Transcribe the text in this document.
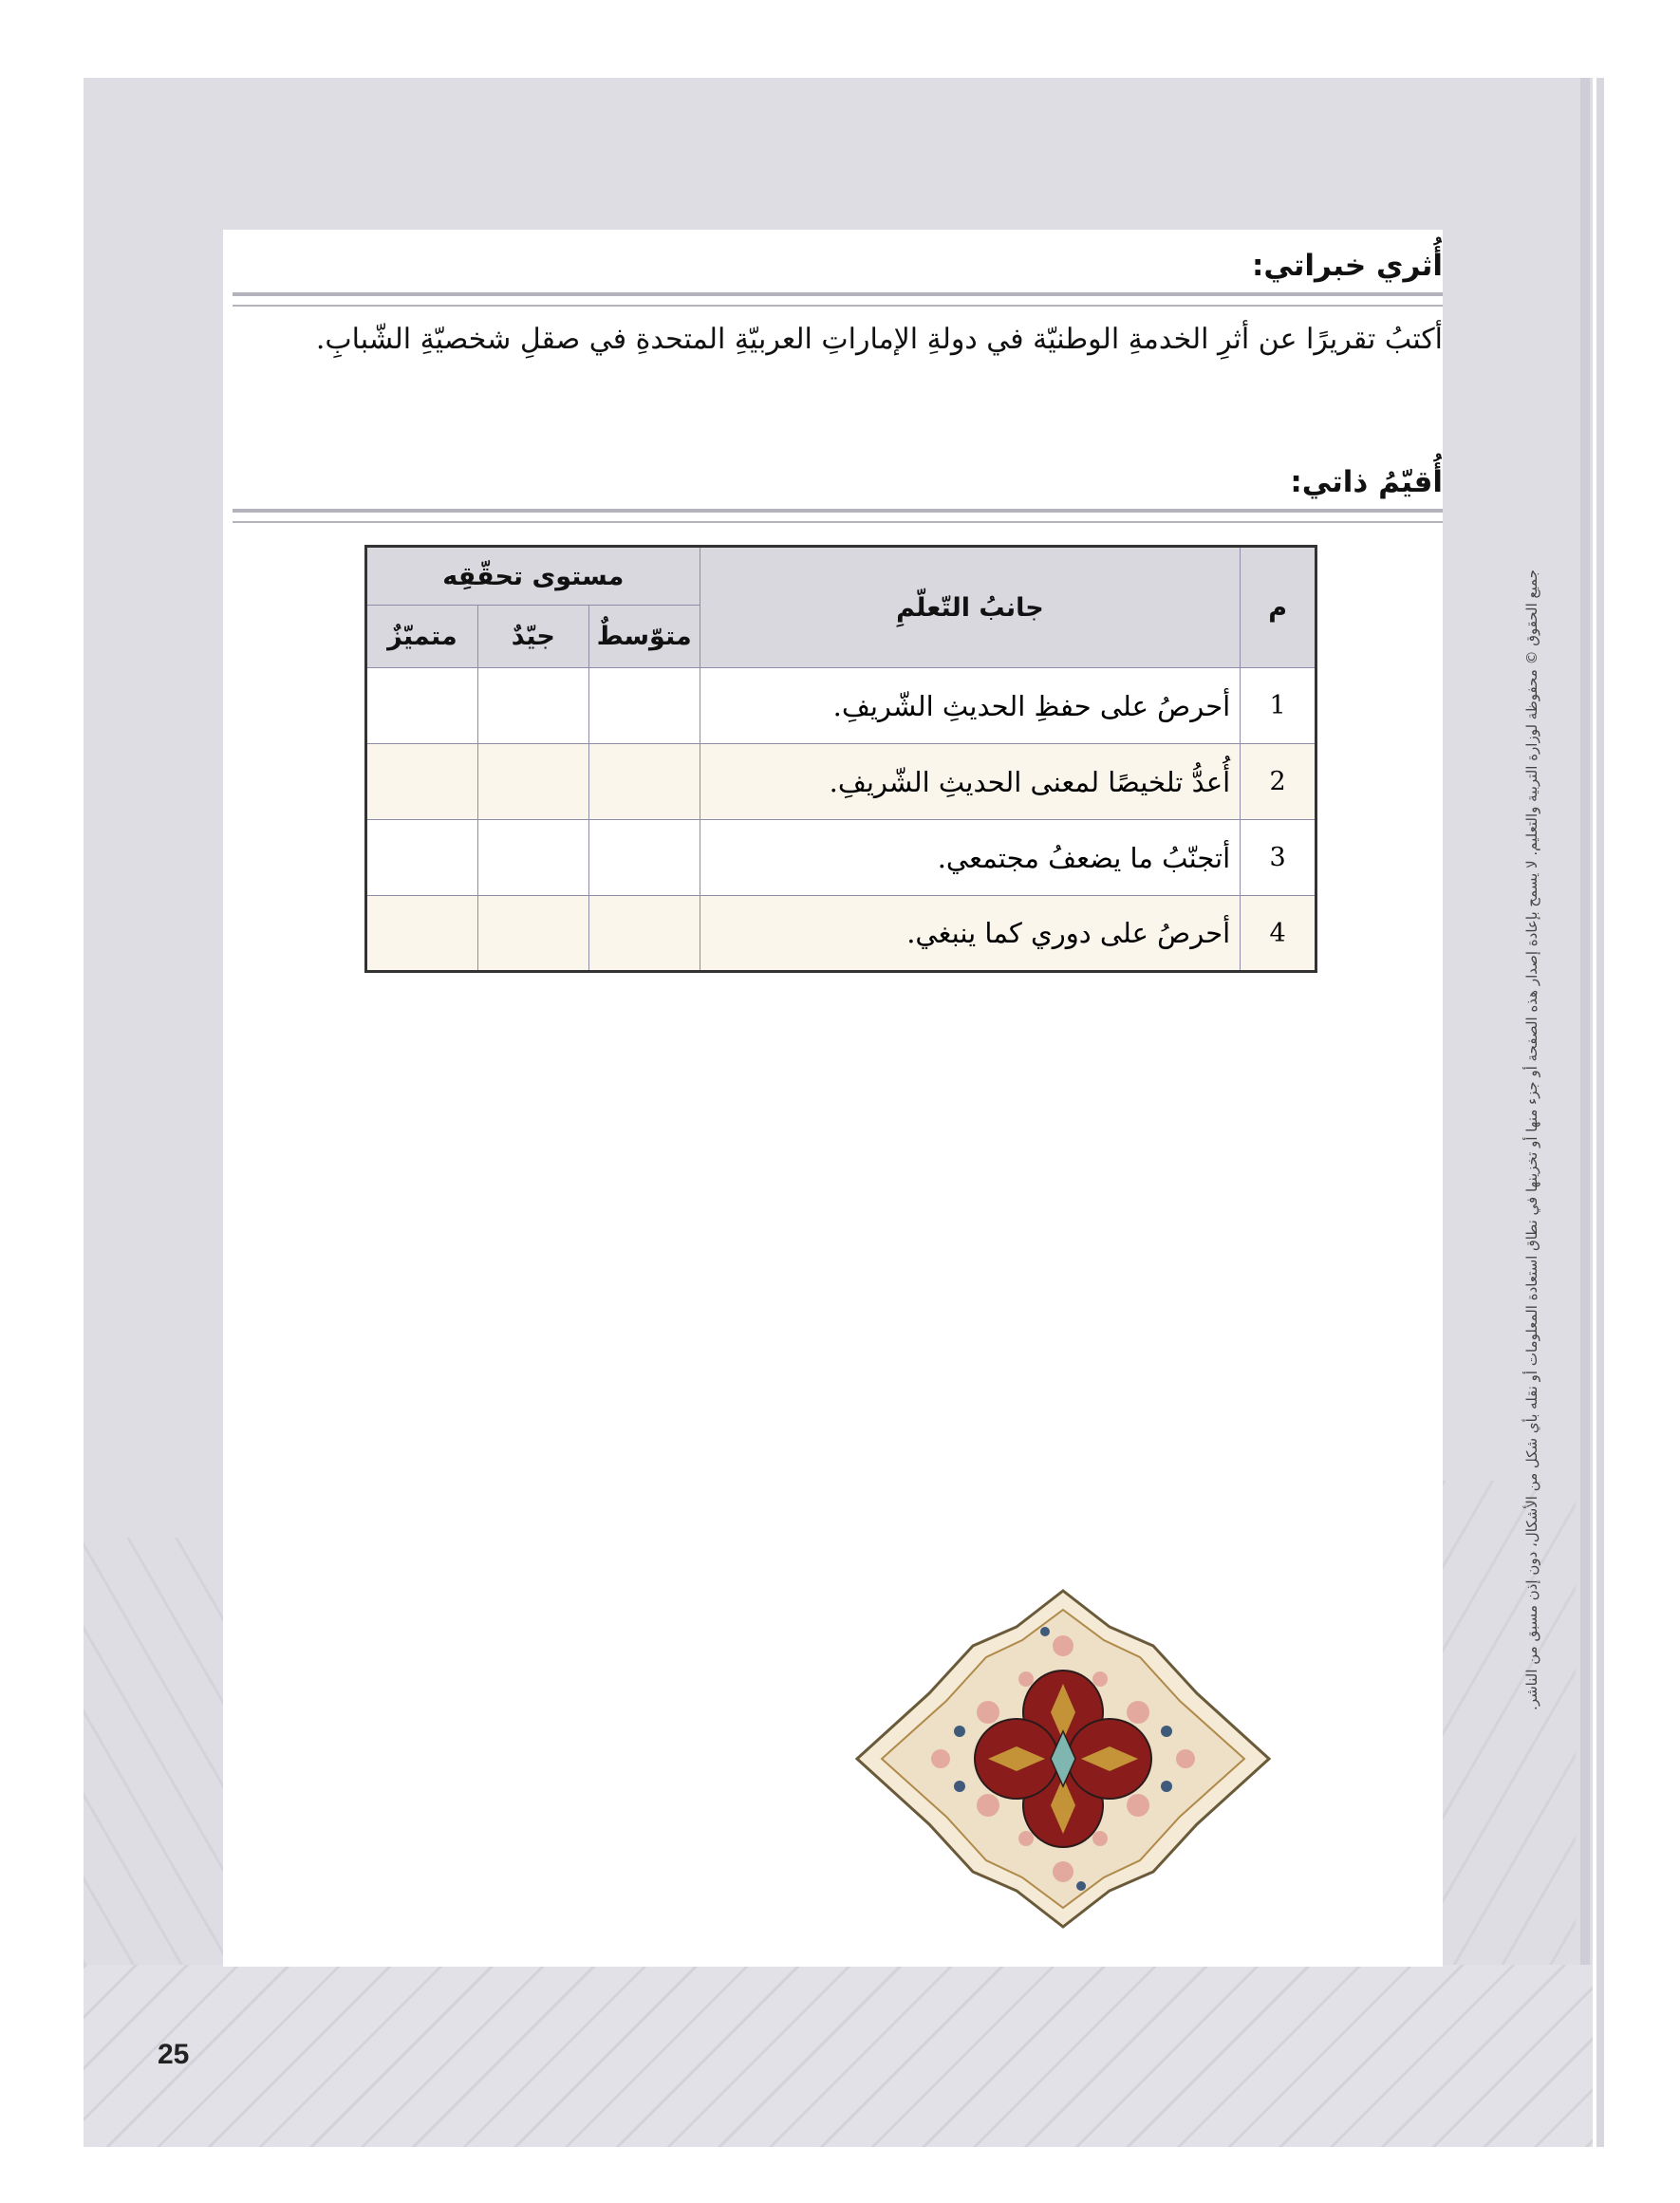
أُثري خبراتي:
أكتبُ تقريرًا عن أثرِ الخدمةِ الوطنيّة في دولةِ الإماراتِ العربيّةِ المتحدةِ في صقلِ شخصيّةِ الشّبابِ.
أُقيّمُ ذاتي:
م	جانبُ التّعلّمِ	مستوى تحقّقِه		
		متوّسطٌ	جيّدٌ	متميّزٌ
1	أحرصُ على حفظِ الحديثِ الشّريفِ.			
2	أُعدُّ تلخيصًا لمعنى الحديثِ الشّريفِ.			
3	أتجنّبُ ما يضعفُ مجتمعي.			
4	أحرصُ على دوري كما ينبغي.			
25
جميع الحقوق © محفوظة لوزارة التربية والتعليم. لا يسمح بإعادة إصدار هذه الصفحة أو جزء منها أو تخزينها في نطاق استعادة المعلومات أو نقله بأي شكل من الأشكال، دون إذن مسبق من الناشر.
